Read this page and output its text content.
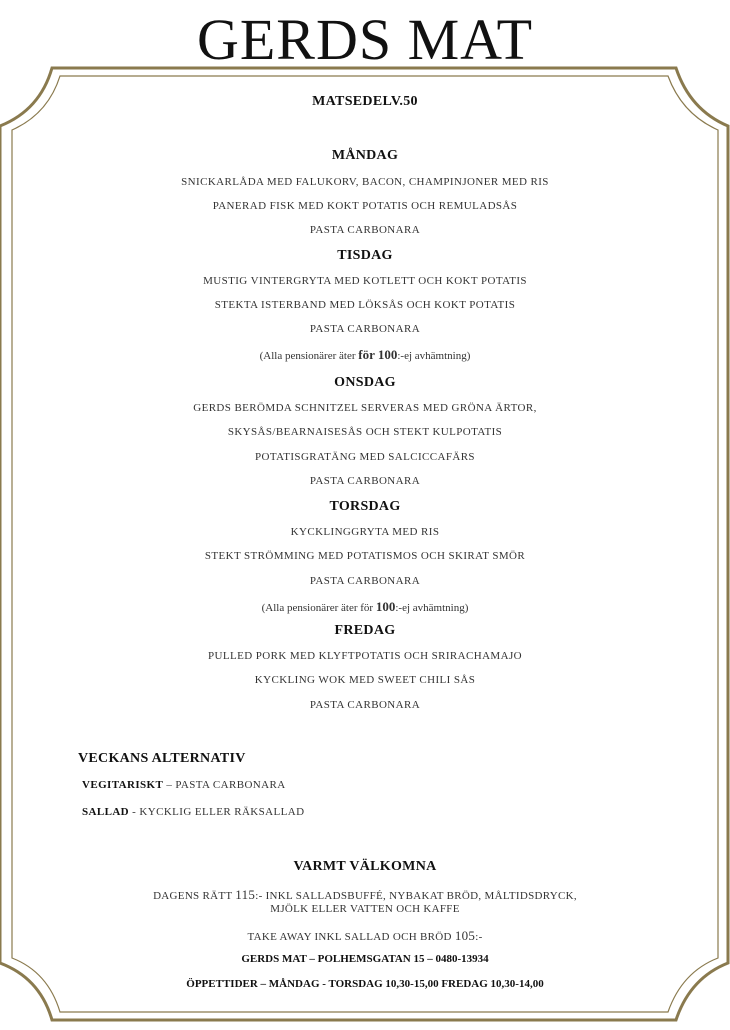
GERDS MAT
MATSEDELV.50
MÅNDAG
SNICKARLÅDA MED FALUKORV, BACON, CHAMPINJONER MED RIS
PANERAD FISK MED KOKT POTATIS OCH REMULADSÅS
PASTA CARBONARA
TISDAG
MUSTIG VINTERGRYTA MED KOTLETT OCH KOKT POTATIS
STEKTA ISTERBAND MED LÖKSÅS OCH KOKT POTATIS
PASTA CARBONARA
(Alla pensionärer äter för 100:-ej avhämtning)
ONSDAG
GERDS BERÖMDA SCHNITZEL SERVERAS MED GRÖNA ÄRTOR,
SKYSÅS/BEARNAISESÅS OCH STEKT KULPOTATIS
POTATISGRATÄNG MED SALCICCAFÄRS
PASTA CARBONARA
TORSDAG
KYCKLINGGRYTA MED RIS
STEKT STRÖMMING MED POTATISMOS OCH SKIRAT SMÖR
PASTA CARBONARA
(Alla pensionärer äter för 100:-ej avhämtning)
FREDAG
PULLED PORK MED KLYFTPOTATIS OCH SRIRACHAMAJO
KYCKLING WOK MED SWEET CHILI SÅS
PASTA CARBONARA
VECKANS ALTERNATIV
VEGITARISKT – PASTA CARBONARA
SALLAD - KYCKLIG ELLER RÄKSALLAD
VARMT VÄLKOMNA
DAGENS RÄTT 115:- INKL SALLADSBUFFÉ, NYBAKAT BRÖD, MÅLTIDSDRYCK,
MJÖLK ELLER VATTEN OCH KAFFE
TAKE AWAY INKL SALLAD OCH BRÖD 105:-
GERDS MAT – POLHEMSGATAN 15 – 0480-13934
ÖPPETTIDER – MÅNDAG - TORSDAG 10,30-15,00 FREDAG 10,30-14,00
